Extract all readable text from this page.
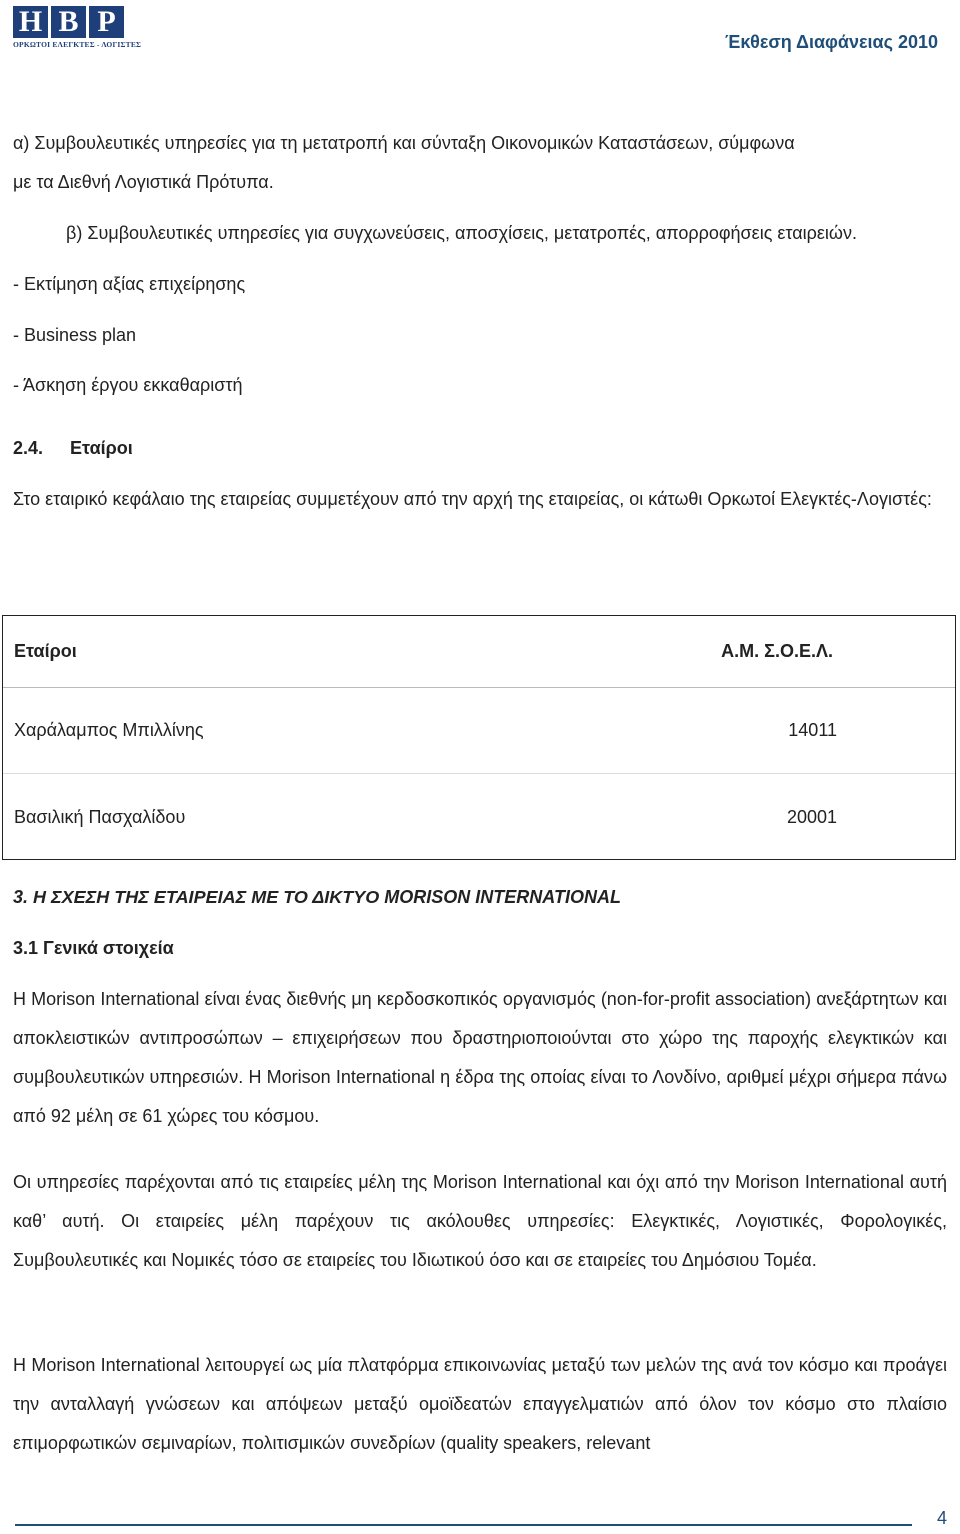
H B P
ΟΡΚΩΤΟΙ ΕΛΕΓΚΤΕΣ - ΛΟΓΙΣΤΕΣ	Έκθεση Διαφάνειας 2010

α) Συμβουλευτικές υπηρεσίες για τη μετατροπή και σύνταξη Οικονομικών Καταστάσεων, σύμφωνα

με τα Διεθνή Λογιστικά Πρότυπα.

β) Συμβουλευτικές υπηρεσίες για συγχωνεύσεις, αποσχίσεις, μετατροπές, απορροφήσεις εταιρειών.

- Εκτίμηση αξίας επιχείρησης

- Business plan

- Άσκηση έργου εκκαθαριστή

2.4. Εταίροι

Στο εταιρικό κεφάλαιο της εταιρείας συμμετέχουν από την αρχή της εταιρείας, οι κάτωθι Ορκωτοί Ελεγκτές-Λογιστές:

Εταίροι	Α.Μ. Σ.Ο.Ε.Λ.
Χαράλαμπος Μπιλλίνης	14011
Βασιλική Πασχαλίδου	20001

3. Η ΣΧΕΣΗ ΤΗΣ ΕΤΑΙΡΕΙΑΣ ΜΕ ΤΟ ΔΙΚΤΥΟ MORISON INTERNATIONAL

3.1 Γενικά στοιχεία

Η Morison International είναι ένας διεθνής μη κερδοσκοπικός οργανισμός (non-for-profit association) ανεξάρτητων και αποκλειστικών αντιπροσώπων – επιχειρήσεων που δραστηριοποιούνται στο χώρο της παροχής ελεγκτικών και συμβουλευτικών υπηρεσιών. Η Morison International η έδρα της οποίας είναι το Λονδίνο, αριθμεί μέχρι σήμερα πάνω από 92 μέλη σε 61 χώρες του κόσμου.

Οι υπηρεσίες παρέχονται από τις εταιρείες μέλη της Morison International και όχι από την Morison International αυτή καθ’ αυτή. Οι εταιρείες μέλη παρέχουν τις ακόλουθες υπηρεσίες: Ελεγκτικές, Λογιστικές, Φορολογικές, Συμβουλευτικές και Νομικές τόσο σε εταιρείες του Ιδιωτικού όσο και σε εταιρείες του Δημόσιου Τομέα.

Η Morison International λειτουργεί ως μία πλατφόρμα επικοινωνίας μεταξύ των μελών της ανά τον κόσμο και προάγει την ανταλλαγή γνώσεων και απόψεων μεταξύ ομοϊδεατών επαγγελματιών από όλον τον κόσμο στο πλαίσιο επιμορφωτικών σεμιναρίων, πολιτισμικών συνεδρίων (quality speakers, relevant

4
